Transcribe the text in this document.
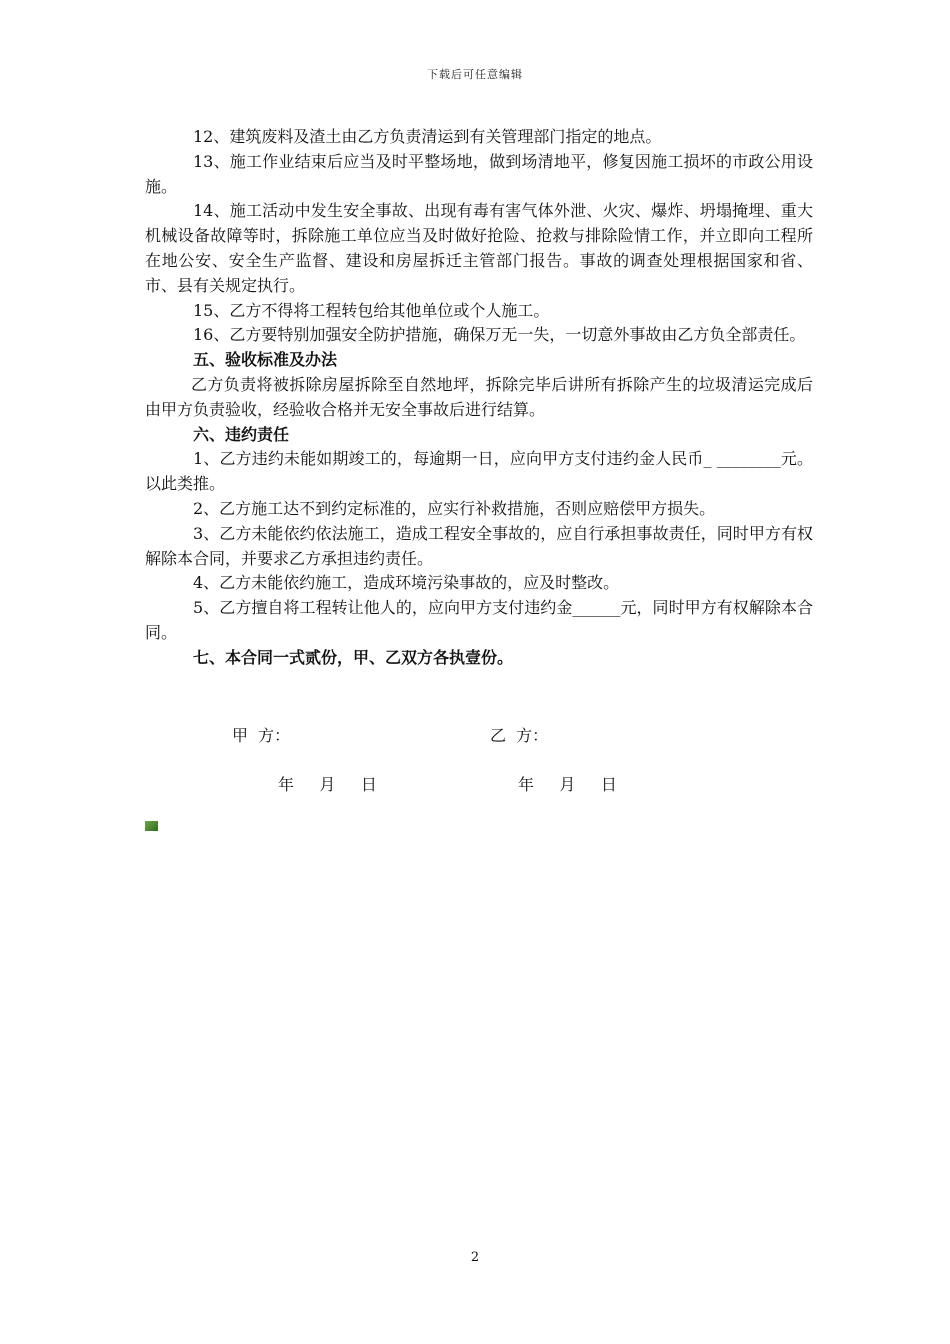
下载后可任意编辑

12、建筑废料及渣土由乙方负责清运到有关管理部门指定的地点。

13、施工作业结束后应当及时平整场地，做到场清地平，修复因施工损坏的市政公用设施。

14、施工活动中发生安全事故、出现有毒有害气体外泄、火灾、爆炸、坍塌掩埋、重大机械设备故障等时，拆除施工单位应当及时做好抢险、抢救与排除险情工作，并立即向工程所在地公安、安全生产监督、建设和房屋拆迁主管部门报告。事故的调查处理根据国家和省、市、县有关规定执行。

15、乙方不得将工程转包给其他单位或个人施工。

16、乙方要特别加强安全防护措施，确保万无一失，一切意外事故由乙方负全部责任。

五、验收标准及办法

乙方负责将被拆除房屋拆除至自然地坪，拆除完毕后讲所有拆除产生的垃圾清运完成后由甲方负责验收，经验收合格并无安全事故后进行结算。

六、违约责任

1、乙方违约未能如期竣工的，每逾期一日，应向甲方支付违约金人民币_ ________元。以此类推。

2、乙方施工达不到约定标准的，应实行补救措施，否则应赔偿甲方损失。

3、乙方未能依约依法施工，造成工程安全事故的，应自行承担事故责任，同时甲方有权解除本合同，并要求乙方承担违约责任。

4、乙方未能依约施工，造成环境污染事故的，应及时整改。

5、乙方擅自将工程转让他人的，应向甲方支付违约金______元，同时甲方有权解除本合同。

七、本合同一式贰份，甲、乙双方各执壹份。

甲  方：	乙  方：
年     月     日	年     月     日
2
